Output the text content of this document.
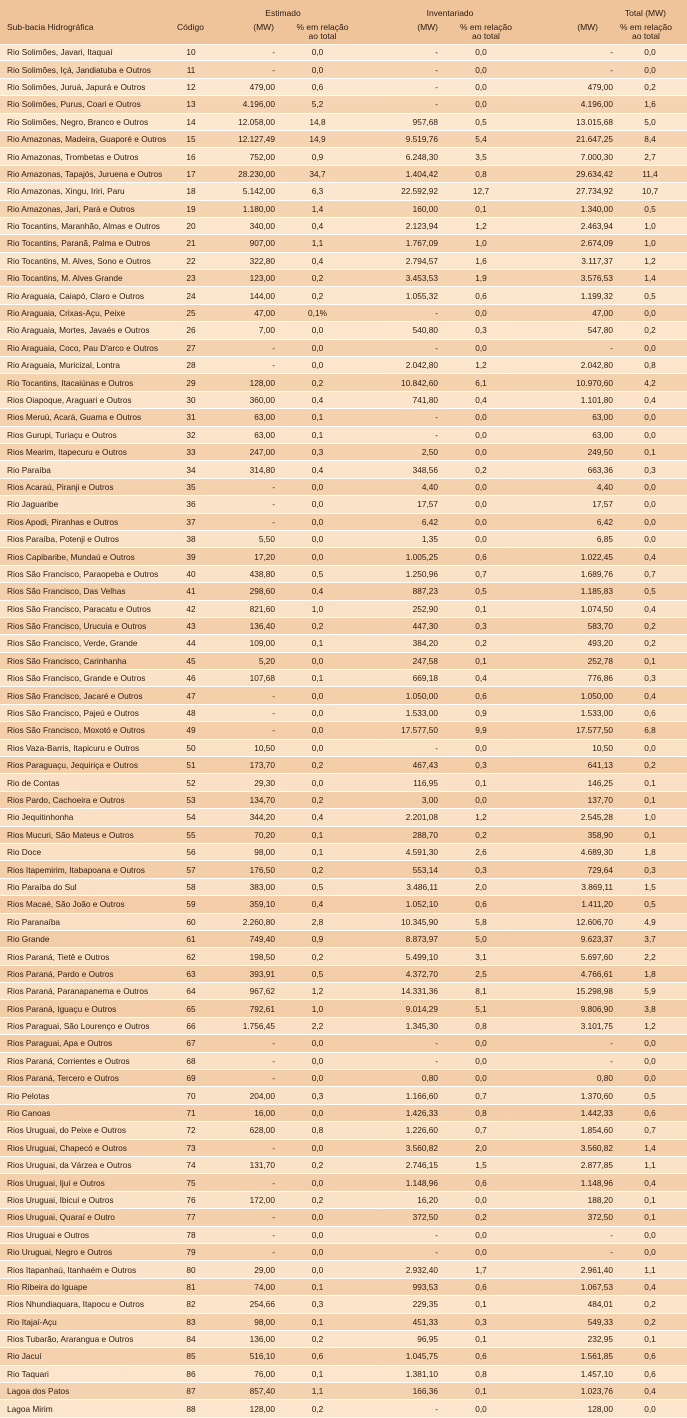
Sub-bacia Hidrográfica	Código
Estimado
(MW)	% em relação
ao total
Inventariado
(MW)	% em relação
ao total
Total (MW)
(MW)	% em relação
ao total
Rio Solimões, Javari, Itaquaí	10	-	0,0	-	0,0	-	0,0
Rio Solimões, Içá, Jandiatuba e Outros	11	-	0,0	-	0,0	-	0,0
Rio Solimões, Juruá, Japurá e Outros	12	479,00	0,6	-	0,0	479,00	0,2
Rio Solimões, Purus, Coari e Outros	13	4.196,00	5,2	-	0,0	4.196,00	1,6
Rio Solimões, Negro, Branco e Outros	14	12.058,00	14,8	957,68	0,5	13.015,68	5,0
Rio Amazonas, Madeira, Guaporé e Outros	15	12.127,49	14,9	9.519,76	5,4	21.647,25	8,4
Rio Amazonas, Trombetas e Outros	16	752,00	0,9	6.248,30	3,5	7.000,30	2,7
Rio Amazonas, Tapajós, Juruena e Outros	17	28.230,00	34,7	1.404,42	0,8	29.634,42	11,4
Rio Amazonas, Xingu, Iriri, Paru	18	5.142,00	6,3	22.592,92	12,7	27.734,92	10,7
Rio Amazonas, Jari, Pará e Outros	19	1.180,00	1,4	160,00	0,1	1.340,00	0,5
Rio Tocantins, Maranhão, Almas e Outros	20	340,00	0,4	2.123,94	1,2	2.463,94	1,0
Rio Tocantins, Paranã, Palma e Outros	21	907,00	1,1	1.767,09	1,0	2.674,09	1,0
Rio Tocantins, M. Alves, Sono e Outros	22	322,80	0,4	2.794,57	1,6	3.117,37	1,2
Rio Tocantins, M. Alves Grande	23	123,00	0,2	3.453,53	1,9	3.576,53	1,4
Rio Araguaia, Caiapó, Claro e Outros	24	144,00	0,2	1.055,32	0,6	1.199,32	0,5
Rio Araguaia, Crixas-Açu, Peixe	25	47,00	0,1%	-	0,0	47,00	0,0
Rio Araguaia, Mortes, Javaés e Outros	26	7,00	0,0	540,80	0,3	547,80	0,2
Rio Araguaia, Coco, Pau D'arco e Outros	27	-	0,0	-	0,0	-	0,0
Rio Araguaia, Muricizal, Lontra	28	-	0,0	2.042,80	1,2	2.042,80	0,8
Rio Tocantins, Itacaiúnas e Outros	29	128,00	0,2	10.842,60	6,1	10.970,60	4,2
Rios Oiapoque, Araguari e Outros	30	360,00	0,4	741,80	0,4	1.101,80	0,4
Rios Meruú, Acará, Guama e Outros	31	63,00	0,1	-	0,0	63,00	0,0
Rios Gurupi, Turiaçu e Outros	32	63,00	0,1	-	0,0	63,00	0,0
Rios Mearim, Itapecuru e Outros	33	247,00	0,3	2,50	0,0	249,50	0,1
Rio Paraíba	34	314,80	0,4	348,56	0,2	663,36	0,3
Rios Acaraú, Piranji e Outros	35	-	0,0	4,40	0,0	4,40	0,0
Rio Jaguaribe	36	-	0,0	17,57	0,0	17,57	0,0
Rios Apodi, Piranhas e Outros	37	-	0,0	6,42	0,0	6,42	0,0
Rios Paraíba, Potenji e Outros	38	5,50	0,0	1,35	0,0	6,85	0,0
Rios Capibaribe, Mundaú e Outros	39	17,20	0,0	1.005,25	0,6	1.022,45	0,4
Rios São Francisco, Paraopeba e Outros	40	438,80	0,5	1.250,96	0,7	1.689,76	0,7
Rios São Francisco, Das Velhas	41	298,60	0,4	887,23	0,5	1.185,83	0,5
Rios São Francisco, Paracatu e Outros	42	821,60	1,0	252,90	0,1	1.074,50	0,4
Rios São Francisco, Urucuia e Outros	43	136,40	0,2	447,30	0,3	583,70	0,2
Rios São Francisco, Verde, Grande	44	109,00	0,1	384,20	0,2	493,20	0,2
Rios São Francisco, Carinhanha	45	5,20	0,0	247,58	0,1	252,78	0,1
Rios São Francisco, Grande e Outros	46	107,68	0,1	669,18	0,4	776,86	0,3
Rios São Francisco, Jacaré e Outros	47	-	0,0	1.050,00	0,6	1.050,00	0,4
Rios São Francisco, Pajeú e Outros	48	-	0,0	1.533,00	0,9	1.533,00	0,6
Rios São Francisco, Moxotó e Outros	49	-	0,0	17.577,50	9,9	17.577,50	6,8
Rios Vaza-Barris, Itapicuru e Outros	50	10,50	0,0	-	0,0	10,50	0,0
Rios Paraguaçu, Jequiriça e Outros	51	173,70	0,2	467,43	0,3	641,13	0,2
Rio de Contas	52	29,30	0,0	116,95	0,1	146,25	0,1
Rios Pardo, Cachoeira e Outros	53	134,70	0,2	3,00	0,0	137,70	0,1
Rio Jequitinhonha	54	344,20	0,4	2.201,08	1,2	2.545,28	1,0
Rios Mucuri, São Mateus e Outros	55	70,20	0,1	288,70	0,2	358,90	0,1
Rio Doce	56	98,00	0,1	4.591,30	2,6	4.689,30	1,8
Rios Itapemirim, Itabapoana e Outros	57	176,50	0,2	553,14	0,3	729,64	0,3
Rio Paraíba do Sul	58	383,00	0,5	3.486,11	2,0	3.869,11	1,5
Rios Macaé, São João e Outros	59	359,10	0,4	1.052,10	0,6	1.411,20	0,5
Rio Paranaíba	60	2.260,80	2,8	10.345,90	5,8	12.606,70	4,9
Rio Grande	61	749,40	0,9	8.873,97	5,0	9.623,37	3,7
Rios Paraná, Tietê e Outros	62	198,50	0,2	5.499,10	3,1	5.697,60	2,2
Rios Paraná, Pardo e Outros	63	393,91	0,5	4.372,70	2,5	4.766,61	1,8
Rios Paraná, Paranapanema e Outros	64	967,62	1,2	14.331,36	8,1	15.298,98	5,9
Rios Paraná, Iguaçu e Outros	65	792,61	1,0	9.014,29	5,1	9.806,90	3,8
Rios Paraguai, São Lourenço e Outros	66	1.756,45	2,2	1.345,30	0,8	3.101,75	1,2
Rios Paraguai, Apa e Outros	67	-	0,0	-	0,0	-	0,0
Rios Paraná, Corrientes e Outros	68	-	0,0	-	0,0	-	0,0
Rios Paraná, Tercero e Outros	69	-	0,0	0,80	0,0	0,80	0,0
Rio Pelotas	70	204,00	0,3	1.166,60	0,7	1.370,60	0,5
Rio Canoas	71	16,00	0,0	1.426,33	0,8	1.442,33	0,6
Rios Uruguai, do Peixe e Outros	72	628,00	0,8	1.226,60	0,7	1.854,60	0,7
Rios Uruguai, Chapecó e Outros	73	-	0,0	3.560,82	2,0	3.560,82	1,4
Rios Uruguai, da Várzea e Outros	74	131,70	0,2	2.746,15	1,5	2.877,85	1,1
Rios Uruguai, Ijuí e Outros	75	-	0,0	1.148,96	0,6	1.148,96	0,4
Rios Uruguai, Ibicuí e Outros	76	172,00	0,2	16,20	0,0	188,20	0,1
Rios Uruguai, Quaraí e Outro	77	-	0,0	372,50	0,2	372,50	0,1
Rios Uruguai e Outros	78	-	0,0	-	0,0	-	0,0
Rio Uruguai, Negro e Outros	79	-	0,0	-	0,0	-	0,0
Rios Itapanhaú, Itanhaém e Outros	80	29,00	0,0	2.932,40	1,7	2.961,40	1,1
Rio Ribeira do Iguape	81	74,00	0,1	993,53	0,6	1.067,53	0,4
Rios Nhundiaquara, Itapocu e Outros	82	254,66	0,3	229,35	0,1	484,01	0,2
Rio Itajaí-Açu	83	98,00	0,1	451,33	0,3	549,33	0,2
Rios Tubarão, Ararangua e Outros	84	136,00	0,2	96,95	0,1	232,95	0,1
Rio Jacuí	85	516,10	0,6	1.045,75	0,6	1.561,85	0,6
Rio Taquari	86	76,00	0,1	1.381,10	0,8	1.457,10	0,6
Lagoa dos Patos	87	857,40	1,1	166,36	0,1	1.023,76	0,4
Lagoa Mirim	88	128,00	0,2	-	0,0	128,00	0,0
